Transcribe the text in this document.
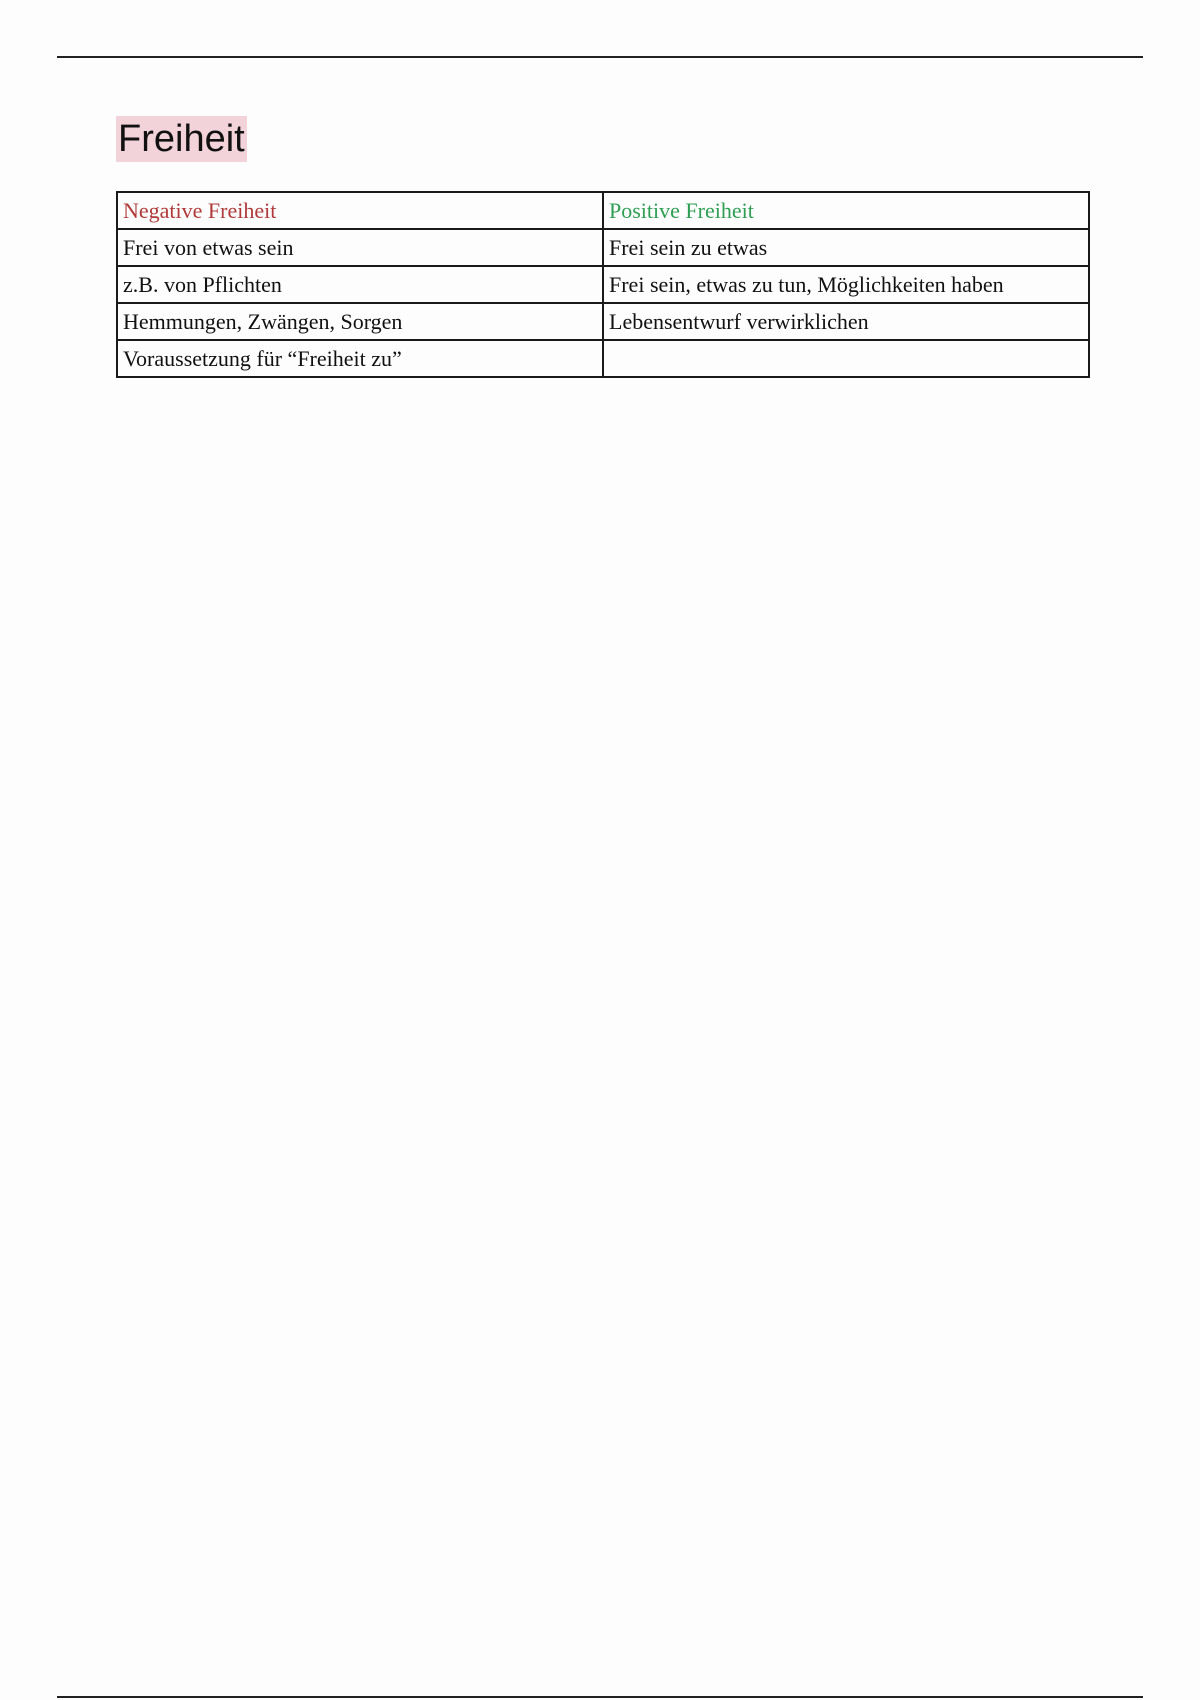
Freiheit
Negative Freiheit	Positive Freiheit
Frei von etwas sein	Frei sein zu etwas
z.B. von Pflichten	Frei sein, etwas zu tun, Möglichkeiten haben
Hemmungen, Zwängen, Sorgen	Lebensentwurf verwirklichen
Voraussetzung für “Freiheit zu”	
